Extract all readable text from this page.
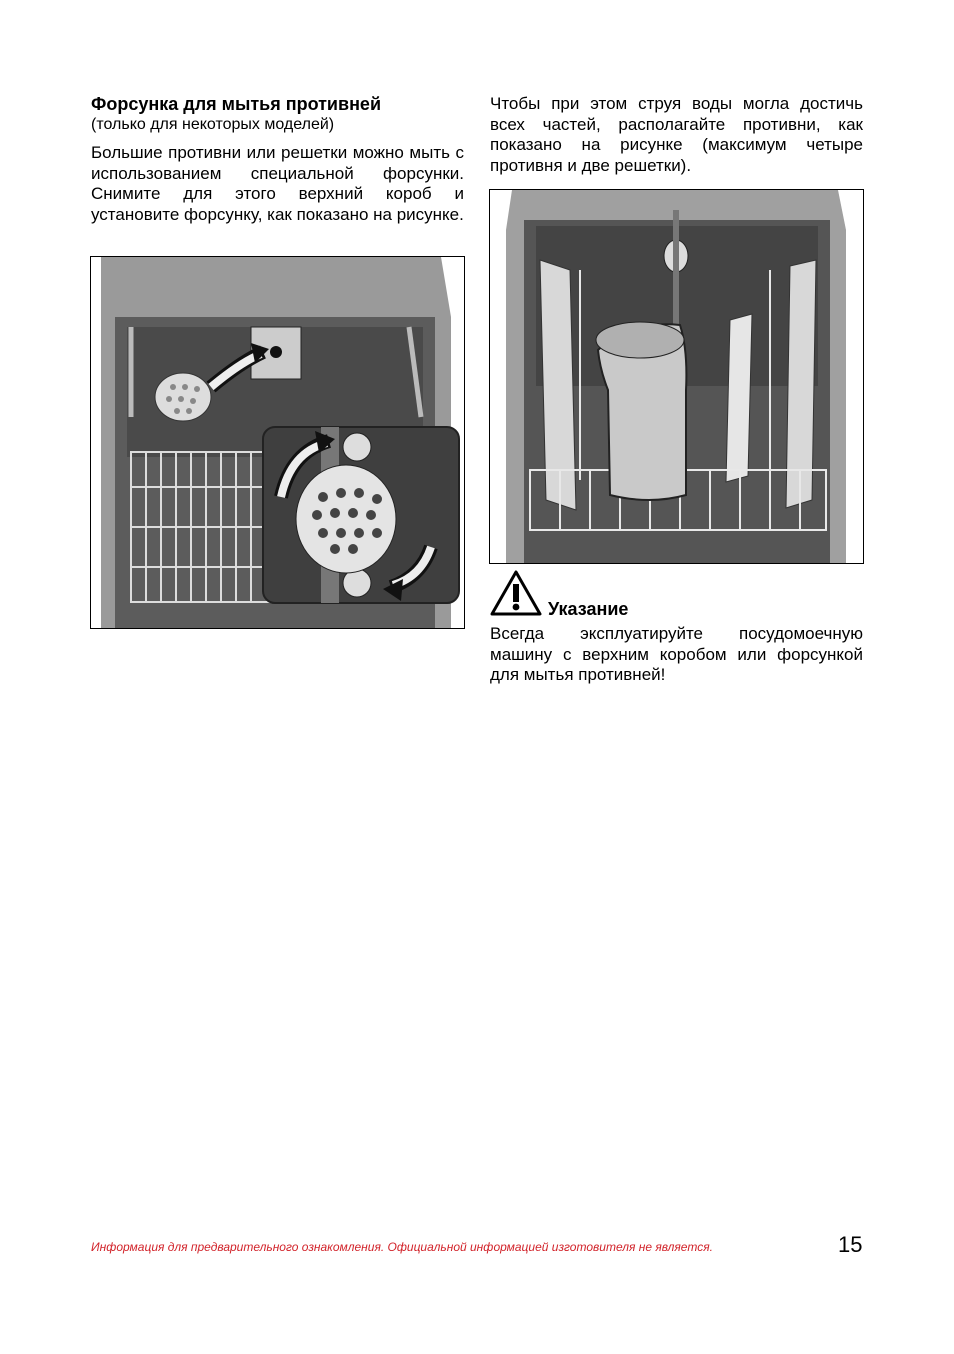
Форсунка для мытья противней

(только для некоторых моделей)

Большие противни или решетки можно мыть с использованием специальной форсунки. Снимите для этого верхний короб и установите форсунку, как показано на рисунке.

Чтобы при этом струя воды могла достичь всех частей, располагайте противни, как показано на рисунке (максимум четыре противня и две решетки).

Указание

Всегда эксплуатируйте посудомоечную машину с верхним коробом или форсункой для мытья противней!

Информация для предварительного ознакомления. Официальной информацией изготовителя не является.	15
